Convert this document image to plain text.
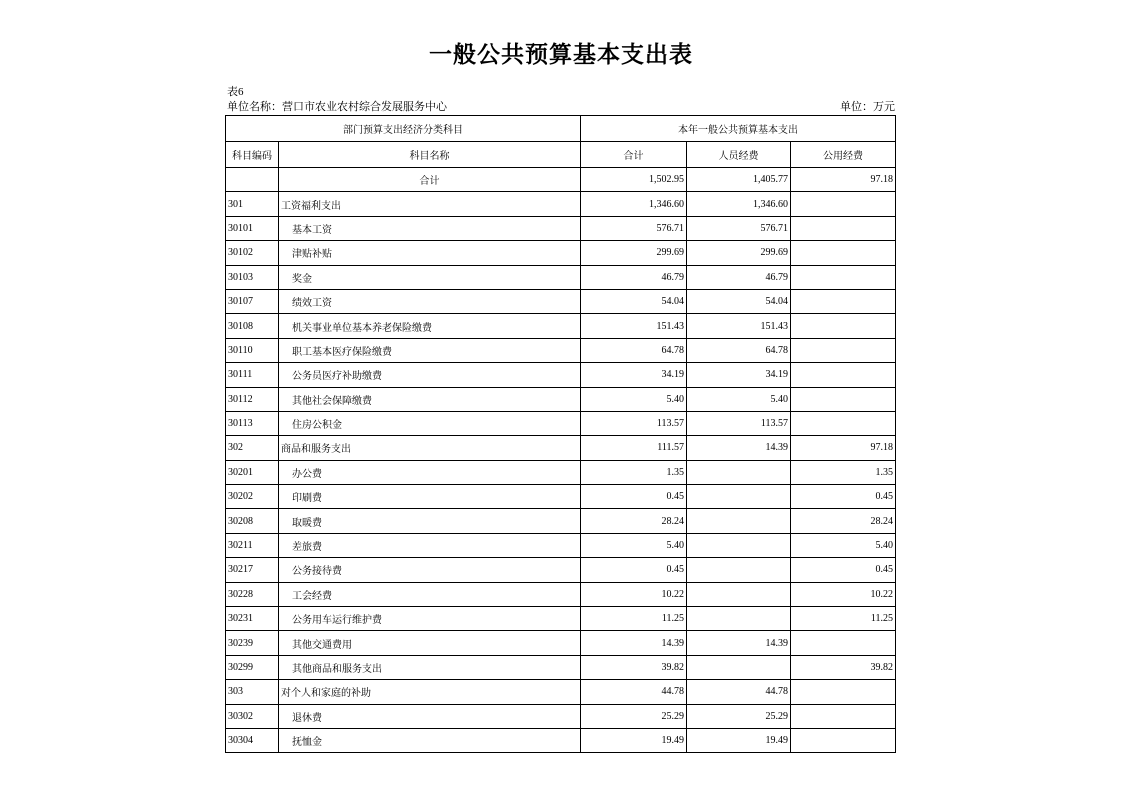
一般公共预算基本支出表
表6
单位名称：营口市农业农村综合发展服务中心	单位：万元
部门预算支出经济分类科目		本年一般公共预算基本支出		
科目编码	科目名称	合计	人员经费	公用经费
	合计	1,502.95	1,405.77	97.18
301	工资福利支出	1,346.60	1,346.60	
30101	基本工资	576.71	576.71	
30102	津贴补贴	299.69	299.69	
30103	奖金	46.79	46.79	
30107	绩效工资	54.04	54.04	
30108	机关事业单位基本养老保险缴费	151.43	151.43	
30110	职工基本医疗保险缴费	64.78	64.78	
30111	公务员医疗补助缴费	34.19	34.19	
30112	其他社会保障缴费	5.40	5.40	
30113	住房公积金	113.57	113.57	
302	商品和服务支出	111.57	14.39	97.18
30201	办公费	1.35		1.35
30202	印刷费	0.45		0.45
30208	取暖费	28.24		28.24
30211	差旅费	5.40		5.40
30217	公务接待费	0.45		0.45
30228	工会经费	10.22		10.22
30231	公务用车运行维护费	11.25		11.25
30239	其他交通费用	14.39	14.39	
30299	其他商品和服务支出	39.82		39.82
303	对个人和家庭的补助	44.78	44.78	
30302	退休费	25.29	25.29	
30304	抚恤金	19.49	19.49	
